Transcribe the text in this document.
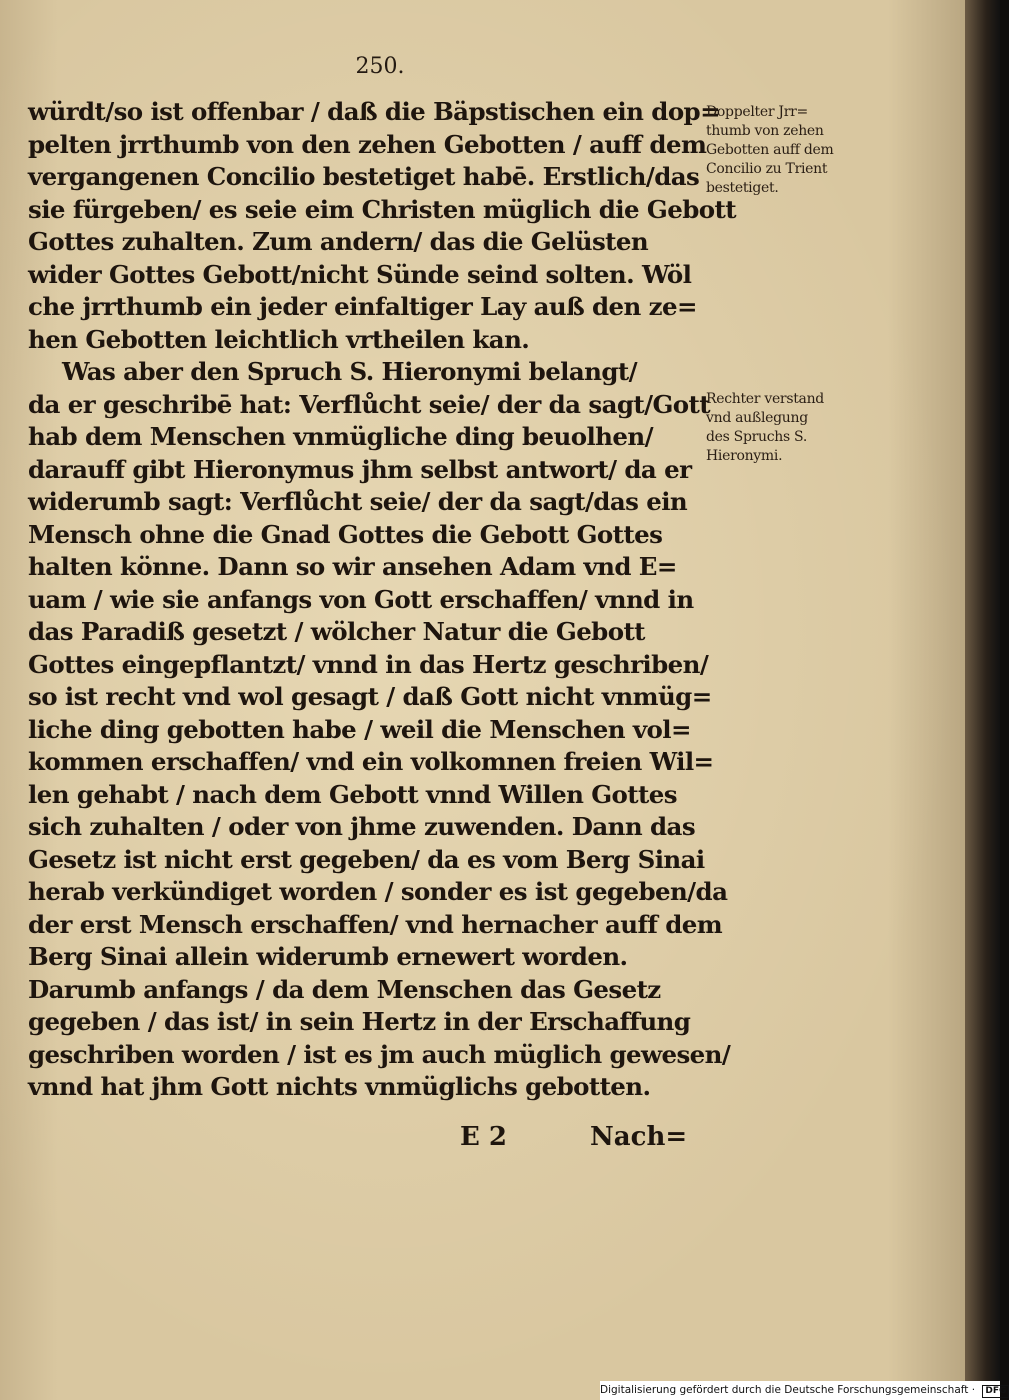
250.
würdt/so ist offenbar / daß die Bäpstischen ein dop=
pelten jrrthumb von den zehen Gebotten / auff dem
vergangenen Concilio bestetiget habē. Erstlich/das
sie fürgeben/ es seie eim Christen müglich die Gebott
Gottes zuhalten. Zum andern/ das die Gelüsten
wider Gottes Gebott/nicht Sünde seind solten. Wöl
che jrrthumb ein jeder einfaltiger Lay auß den ze=
hen Gebotten leichtlich vrtheilen kan.
Was aber den Spruch S. Hieronymi belangt/
da er geschribē hat: Verflůcht seie/ der da sagt/Gott
hab dem Menschen vnmügliche ding beuolhen/
darauff gibt Hieronymus jhm selbst antwort/ da er
widerumb sagt: Verflůcht seie/ der da sagt/das ein
Mensch ohne die Gnad Gottes die Gebott Gottes
halten könne. Dann so wir ansehen Adam vnd E=
uam / wie sie anfangs von Gott erschaffen/ vnnd in
das Paradiß gesetzt / wölcher Natur die Gebott
Gottes eingepflantzt/ vnnd in das Hertz geschriben/
so ist recht vnd wol gesagt / daß Gott nicht vnmüg=
liche ding gebotten habe / weil die Menschen vol=
kommen erschaffen/ vnd ein volkomnen freien Wil=
len gehabt / nach dem Gebott vnnd Willen Gottes
sich zuhalten / oder von jhme zuwenden. Dann das
Gesetz ist nicht erst gegeben/ da es vom Berg Sinai
herab verkündiget worden / sonder es ist gegeben/da
der erst Mensch erschaffen/ vnd hernacher auff dem
Berg Sinai allein widerumb ernewert worden.
Darumb anfangs / da dem Menschen das Gesetz
gegeben / das ist/ in sein Hertz in der Erschaffung
geschriben worden / ist es jm auch müglich gewesen/
vnnd hat jhm Gott nichts vnmüglichs gebotten.
E 2	Nach=
Doppelter Jrr=
thumb von zehen
Gebotten auff dem
Concilio zu Trient
bestetiget.
Rechter verstand
vnd außlegung
des Spruchs S.
Hieronymi.
Digitalisierung gefördert durch die Deutsche Forschungsgemeinschaft · DFG
